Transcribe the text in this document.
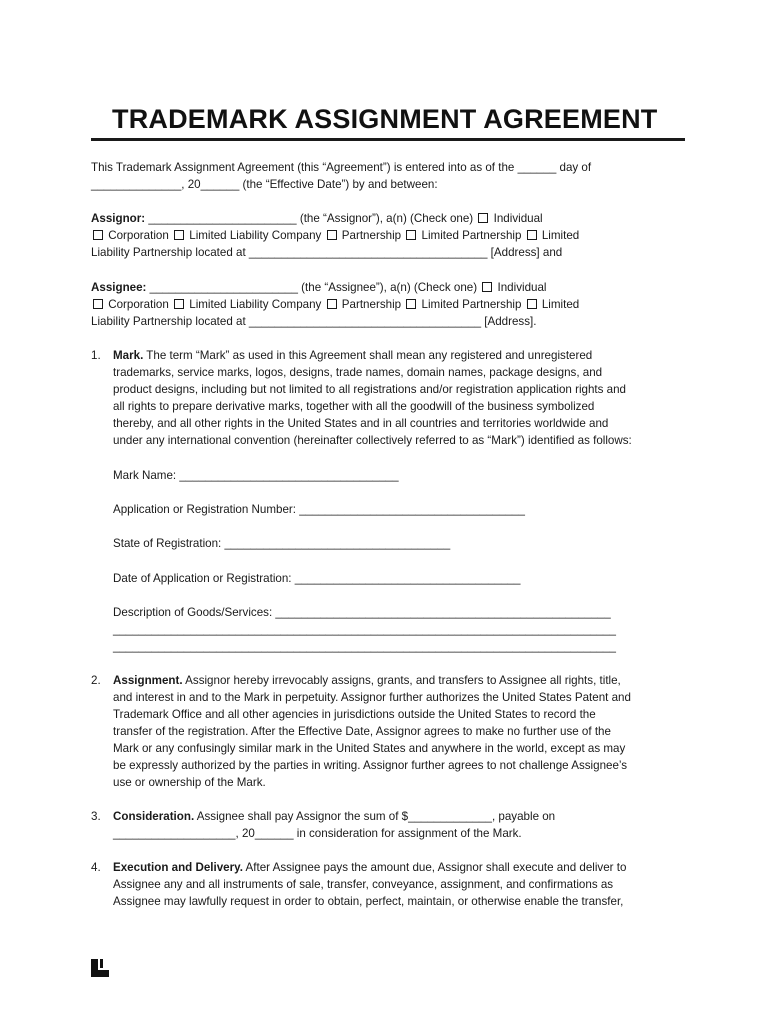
TRADEMARK ASSIGNMENT AGREEMENT
This Trademark Assignment Agreement (this “Agreement”) is entered into as of the ______ day of
______________, 20______ (the “Effective Date”) by and between:
Assignor: _______________________ (the “Assignor”), a(n) (Check one)  Individual
Corporation  Limited Liability Company  Partnership  Limited Partnership  Limited
Liability Partnership located at _____________________________________ [Address] and
Assignee: _______________________ (the “Assignee”), a(n) (Check one)  Individual
Corporation  Limited Liability Company  Partnership  Limited Partnership  Limited
Liability Partnership located at ____________________________________ [Address].
1. Mark. The term “Mark” as used in this Agreement shall mean any registered and unregistered
trademarks, service marks, logos, designs, trade names, domain names, package designs, and
product designs, including but not limited to all registrations and/or registration application rights and
all rights to prepare derivative marks, together with all the goodwill of the business symbolized
thereby, and all other rights in the United States and in all countries and territories worldwide and
under any international convention (hereinafter collectively referred to as “Mark”) identified as follows:
Mark Name: __________________________________
Application or Registration Number: ___________________________________
State of Registration: ___________________________________
Date of Application or Registration: ___________________________________
Description of Goods/Services: ____________________________________________________
______________________________________________________________________________
______________________________________________________________________________
2. Assignment. Assignor hereby irrevocably assigns, grants, and transfers to Assignee all rights, title,
and interest in and to the Mark in perpetuity. Assignor further authorizes the United States Patent and
Trademark Office and all other agencies in jurisdictions outside the United States to record the
transfer of the registration. After the Effective Date, Assignor agrees to make no further use of the
Mark or any confusingly similar mark in the United States and anywhere in the world, except as may
be expressly authorized by the parties in writing. Assignor further agrees to not challenge Assignee’s
use or ownership of the Mark.
3. Consideration. Assignee shall pay Assignor the sum of $_____________, payable on
___________________, 20______ in consideration for assignment of the Mark.
4. Execution and Delivery. After Assignee pays the amount due, Assignor shall execute and deliver to
Assignee any and all instruments of sale, transfer, conveyance, assignment, and confirmations as
Assignee may lawfully request in order to obtain, perfect, maintain, or otherwise enable the transfer,
